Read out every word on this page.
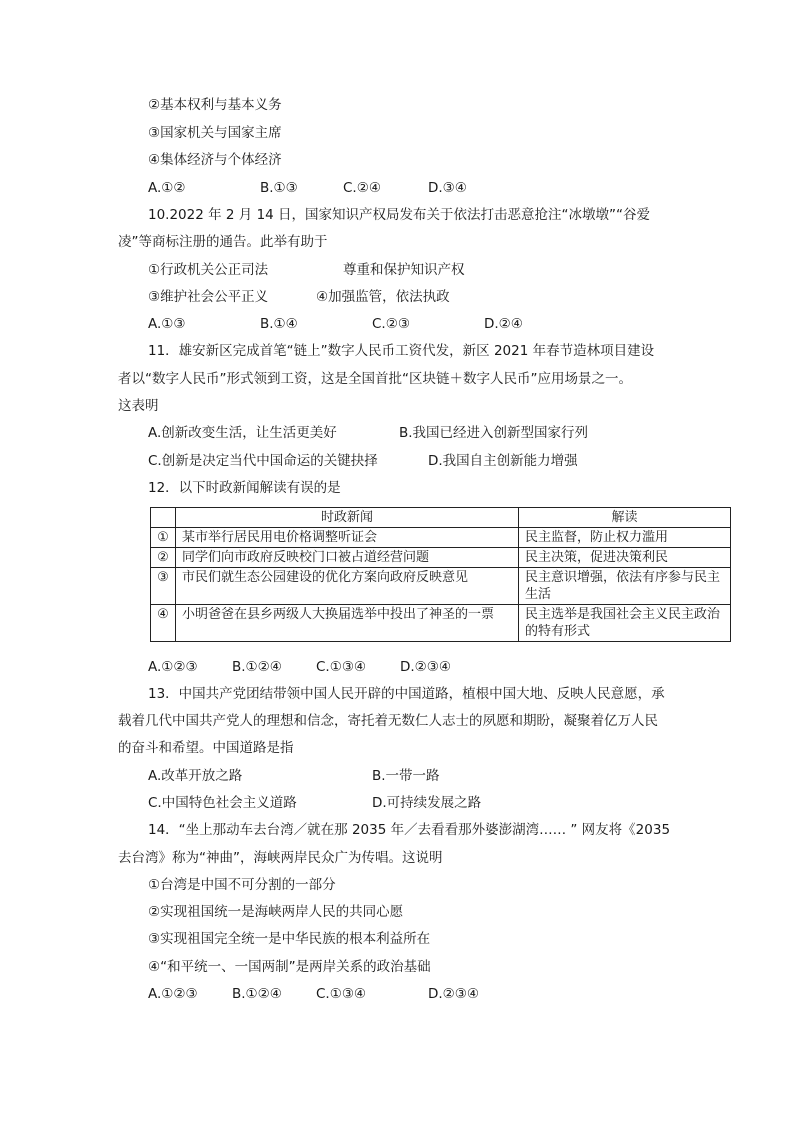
②基本权利与基本义务
③国家机关与国家主席
④集体经济与个体经济
A.①②	B.①③	C.②④	D.③④
10.2022 年 2 月 14 日，国家知识产权局发布关于依法打击恶意抢注“冰墩墩”“谷爱
凌”等商标注册的通告。此举有助于
①行政机关公正司法	尊重和保护知识产权
③维护社会公平正义	④加强监管，依法执政
A.①③	B.①④	C.②③	D.②④
11．雄安新区完成首笔“链上”数字人民币工资代发，新区 2021 年春节造林项目建设
者以“数字人民币”形式领到工资，这是全国首批“区块链＋数字人民币”应用场景之一。
这表明
A.创新改变生活，让生活更美好	B.我国已经进入创新型国家行列
C.创新是决定当代中国命运的关键抉择	D.我国自主创新能力增强
12．以下时政新闻解读有误的是
	时政新闻	解读
①	某市举行居民用电价格调整听证会	民主监督，防止权力滥用
②	同学们向市政府反映校门口被占道经营问题	民主决策，促进决策利民
③	市民们就生态公园建设的优化方案向政府反映意见	民主意识增强，依法有序参与民主生活
④	小明爸爸在县乡两级人大换届选举中投出了神圣的一票	民主选举是我国社会主义民主政治的特有形式
A.①②③	B.①②④	C.①③④	D.②③④
13．中国共产党团结带领中国人民开辟的中国道路，植根中国大地、反映人民意愿，承
载着几代中国共产党人的理想和信念，寄托着无数仁人志士的夙愿和期盼，凝聚着亿万人民
的奋斗和希望。中国道路是指
A.改革开放之路	B.一带一路
C.中国特色社会主义道路	D.可持续发展之路
14．“坐上那动车去台湾／就在那 2035 年／去看看那外婆澎湖湾…… ” 网友将《2035
去台湾》称为“神曲”，海峡两岸民众广为传唱。这说明
①台湾是中国不可分割的一部分
②实现祖国统一是海峡两岸人民的共同心愿
③实现祖国完全统一是中华民族的根本利益所在
④“和平统一、一国两制”是两岸关系的政治基础
A.①②③	B.①②④	C.①③④	D.②③④
